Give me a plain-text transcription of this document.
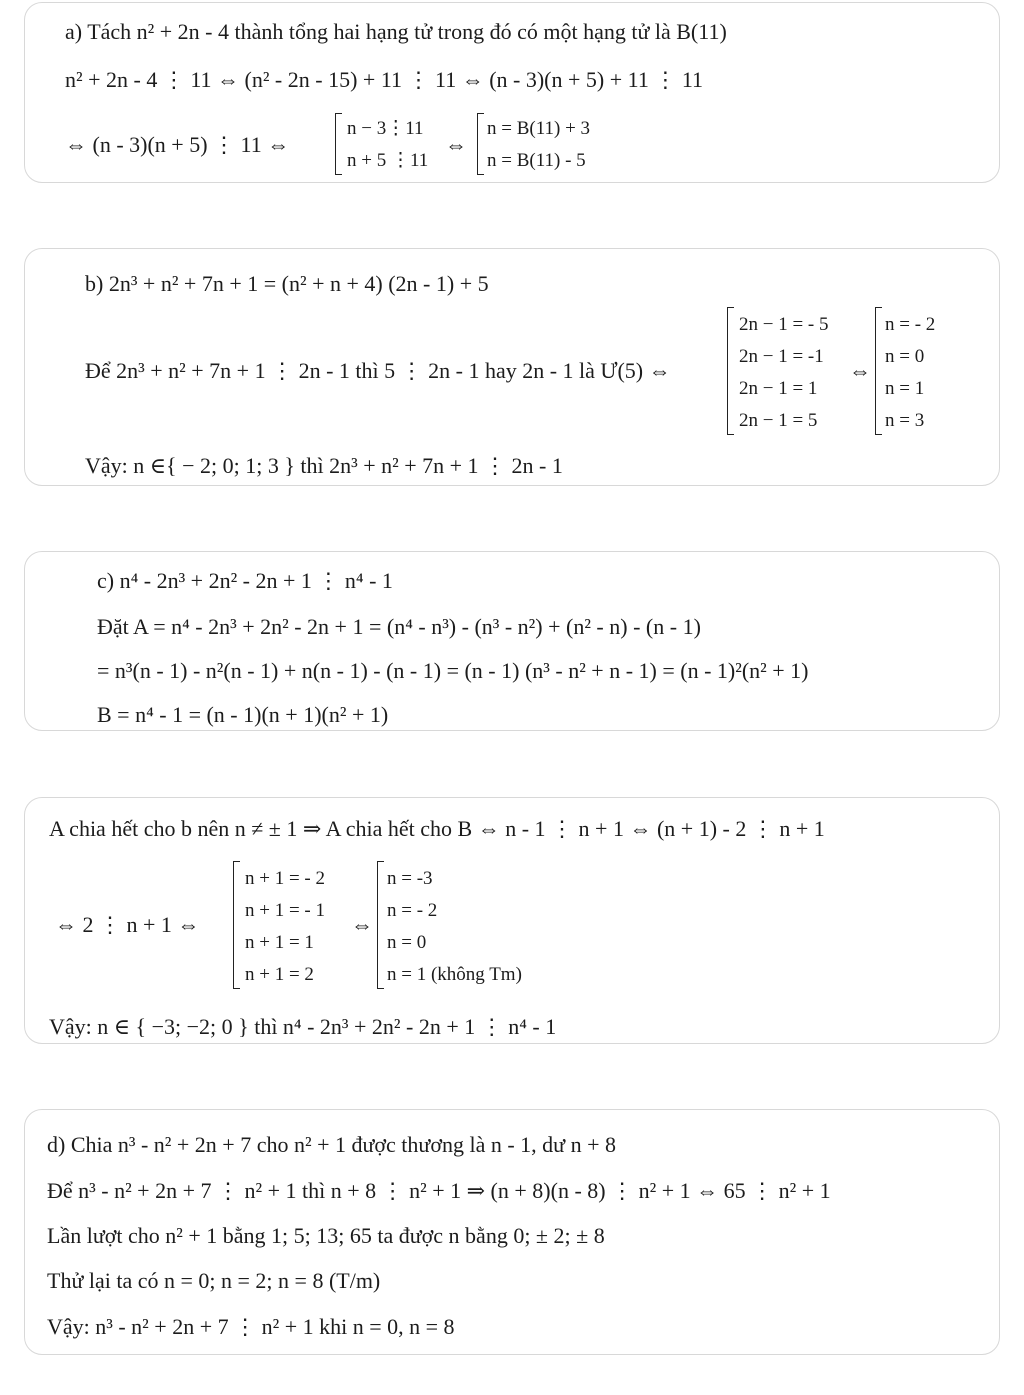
a) Tách n² + 2n - 4 thành tổng hai hạng tử trong đó có một hạng tử là B(11)
n² + 2n - 4 ⋮ 11 ⇔ (n² - 2n - 15) + 11 ⋮ 11 ⇔ (n - 3)(n + 5) + 11 ⋮ 11
⇔ (n - 3)(n + 5) ⋮ 11 ⇔
n − 3⋮11
n + 5 ⋮11
⇔
n = B(11) + 3
n = B(11) - 5
b) 2n³ + n² + 7n + 1 = (n² + n + 4) (2n - 1) + 5
Để 2n³ + n² + 7n + 1 ⋮ 2n - 1 thì 5 ⋮ 2n - 1 hay 2n - 1 là Ư(5) ⇔
2n − 1 = - 5
2n − 1 = -1
2n − 1 = 1
2n − 1 = 5
⇔
n = - 2
n = 0
n = 1
n = 3
Vậy: n ∈{ − 2; 0; 1; 3 } thì 2n³ + n² + 7n + 1 ⋮ 2n - 1
c) n⁴ - 2n³ + 2n² - 2n + 1 ⋮ n⁴ - 1
Đặt A = n⁴ - 2n³ + 2n² - 2n + 1 = (n⁴ - n³) - (n³ - n²) + (n² - n) - (n - 1)
= n³(n - 1) - n²(n - 1) + n(n - 1) - (n - 1) = (n - 1) (n³ - n² + n - 1) = (n - 1)²(n² + 1)
B = n⁴ - 1 = (n - 1)(n + 1)(n² + 1)
A chia hết cho b nên n ≠ ± 1 ⇒ A chia hết cho B ⇔ n - 1 ⋮ n + 1 ⇔ (n + 1) - 2 ⋮ n + 1
⇔ 2 ⋮ n + 1 ⇔
n + 1 = - 2
n + 1 = - 1
n + 1 = 1
n + 1 = 2
⇔
n = -3
n = - 2
n = 0
n = 1 (không Tm)
Vậy: n ∈ { −3; −2; 0 } thì n⁴ - 2n³ + 2n² - 2n + 1 ⋮ n⁴ - 1
d) Chia n³ - n² + 2n + 7 cho n² + 1 được thương là n - 1, dư n + 8
Để n³ - n² + 2n + 7 ⋮ n² + 1 thì n + 8 ⋮ n² + 1 ⇒ (n + 8)(n - 8) ⋮ n² + 1 ⇔ 65 ⋮ n² + 1
Lần lượt cho n² + 1 bằng 1; 5; 13; 65 ta được n bằng 0; ± 2; ± 8
Thử lại ta có n = 0; n = 2; n = 8 (T/m)
Vậy: n³ - n² + 2n + 7 ⋮ n² + 1 khi n = 0, n = 8
